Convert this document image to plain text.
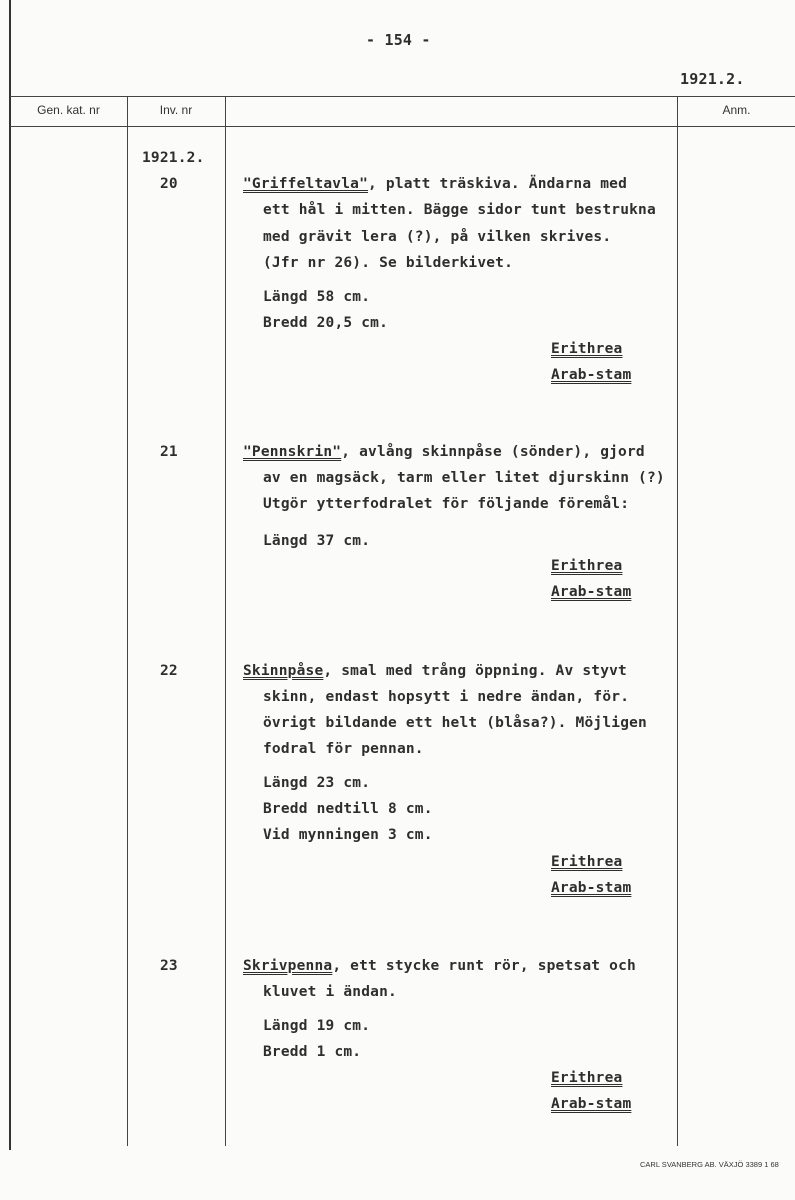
- 154 -
1921.2.
Gen. kat. nr	Inv. nr	Anm.
1921.2.
20	"Griffeltavla", platt träskiva. Ändarna med
ett hål i mitten. Bägge sidor tunt bestrukna
med grävit lera (?), på vilken skrives.
(Jfr nr 26). Se bilderkivet.
Längd 58 cm.
Bredd 20,5 cm.
Erithrea
Arab-stam
21	"Pennskrin", avlång skinnpåse (sönder), gjord
av en magsäck, tarm eller litet djurskinn (?)
Utgör ytterfodralet för följande föremål:
Längd 37 cm.
Erithrea
Arab-stam
22	Skinnpåse, smal med trång öppning. Av styvt
skinn, endast hopsytt i nedre ändan, för.
övrigt bildande ett helt (blåsa?). Möjligen
fodral för pennan.
Längd 23 cm.
Bredd nedtill 8 cm.
Vid mynningen 3 cm.
Erithrea
Arab-stam
23	Skrivpenna, ett stycke runt rör, spetsat och
kluvet i ändan.
Längd 19 cm.
Bredd 1 cm.
Erithrea
Arab-stam
CARL SVANBERG AB. VÄXJÖ 3389 1 68
